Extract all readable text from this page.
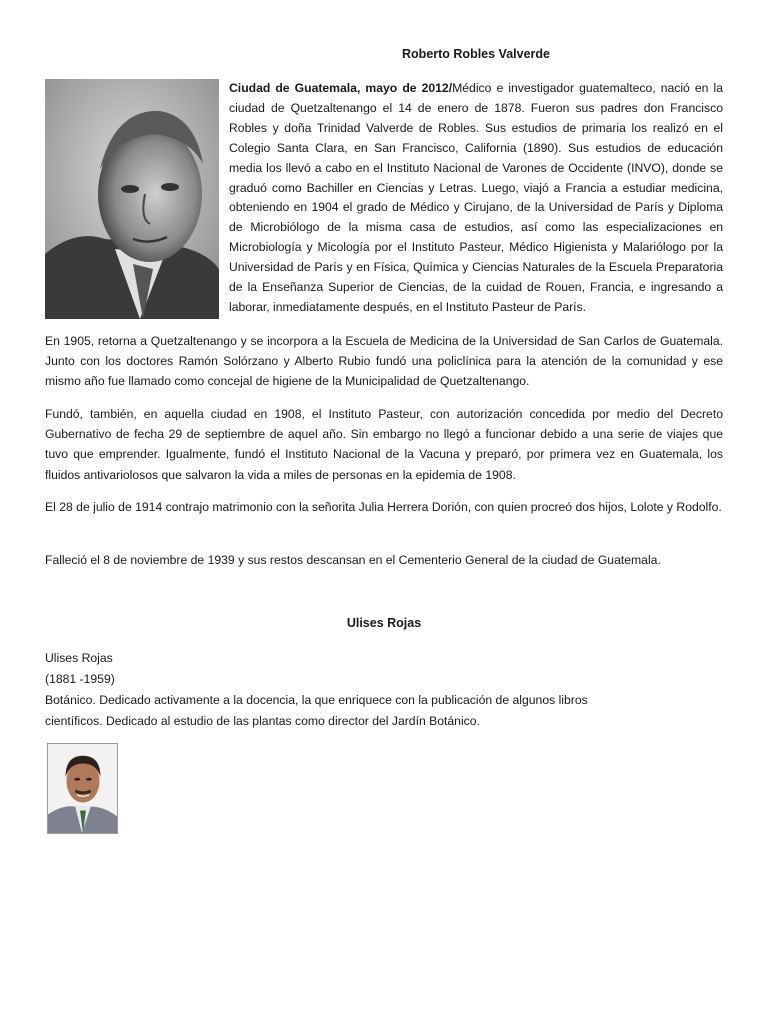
Roberto Robles Valverde

Ciudad de Guatemala, mayo de 2012/Médico e investigador guatemalteco, nació en la ciudad de Quetzaltenango el 14 de enero de 1878. Fueron sus padres don Francisco Robles y doña Trinidad Valverde de Robles. Sus estudios de primaria los realizó en el Colegio Santa Clara, en San Francisco, California (1890). Sus estudios de educación media los llevó a cabo en el Instituto Nacional de Varones de Occidente (INVO), donde se graduó como Bachiller en Ciencias y Letras. Luego, viajó a Francia a estudiar medicina, obteniendo en 1904 el grado de Médico y Cirujano, de la Universidad de París y Diploma de Microbiólogo de la misma casa de estudios, así como las especializaciones en Microbiología y Micología por el Instituto Pasteur, Médico Higienista y Malariólogo por la Universidad de París y en Física, Química y Ciencias Naturales de la Escuela Preparatoria de la Enseñanza Superior de Ciencias, de la cuidad de Rouen, Francia, e ingresando a laborar, inmediatamente después, en el Instituto Pasteur de París.

En 1905, retorna a Quetzaltenango y se incorpora a la Escuela de Medicina de la Universidad de San Carlos de Guatemala. Junto con los doctores Ramón Solórzano y Alberto Rubio fundó una policlínica para la atención de la comunidad y ese mismo año fue llamado como concejal de higiene de la Municipalidad de Quetzaltenango.

Fundó, también, en aquella ciudad en 1908, el Instituto Pasteur, con autorización concedida por medio del Decreto Gubernativo de fecha 29 de septiembre de aquel año. Sin embargo no llegó a funcionar debido a una serie de viajes que tuvo que emprender. Igualmente, fundó el Instituto Nacional de la Vacuna y preparó, por primera vez en Guatemala, los fluidos antivariolosos que salvaron la vida a miles de personas en la epidemia de 1908.

El 28 de julio de 1914 contrajo matrimonio con la señorita Julia Herrera Dorión, con quien procreó dos hijos, Lolote y Rodolfo.

Falleció el 8 de noviembre de 1939 y sus restos descansan en el Cementerio General de la ciudad de Guatemala.

Ulises Rojas
Ulises Rojas
(1881 -1959)
Botánico. Dedicado activamente a la docencia, la que enriquece con la publicación de algunos libros
científicos. Dedicado al estudio de las plantas como director del Jardín Botánico.
